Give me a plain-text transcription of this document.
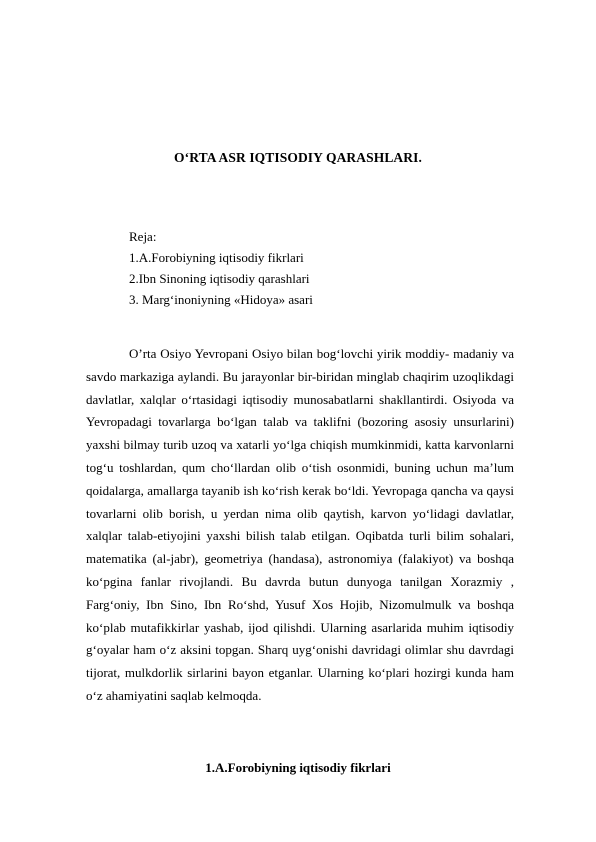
O‘RTA ASR IQTISODIY QARASHLARI.
Reja:
1.A.Forobiyning iqtisodiy fikrlari
2.Ibn Sinoning iqtisodiy qarashlari
3. Marg‘inoniyning «Hidoya» asari

O’rta Osiyo Yevropani Osiyo bilan bog‘lovchi yirik moddiy- madaniy va savdo markaziga aylandi. Bu jarayonlar bir-biridan minglab chaqirim uzoqlikdagi davlatlar, xalqlar o‘rtasidagi iqtisodiy munosabatlarni shakllantirdi. Osiyoda va Yevropadagi tovarlarga bo‘lgan talab va taklifni (bozoring asosiy unsurlarini) yaxshi bilmay turib uzoq va xatarli yo‘lga chiqish mumkinmidi, katta karvonlarni tog‘u toshlardan, qum cho‘llardan olib o‘tish osonmidi, buning uchun ma’lum qoidalarga, amallarga tayanib ish ko‘rish kerak bo‘ldi. Yevropaga qancha va qaysi tovarlarni olib borish, u yerdan nima olib qaytish, karvon yo‘lidagi davlatlar, xalqlar talab-etiyojini yaxshi bilish talab etilgan. Oqibatda turli bilim sohalari, matematika (al-jabr), geometriya (handasa), astronomiya (falakiyot) va boshqa ko‘pgina fanlar rivojlandi. Bu davrda butun dunyoga tanilgan Xorazmiy , Farg‘oniy, Ibn Sino, Ibn Ro‘shd, Yusuf Xos Hojib, Nizomulmulk va boshqa ko‘plab mutafikkirlar yashab, ijod qilishdi. Ularning asarlarida muhim iqtisodiy g‘oyalar ham o‘z aksini topgan. Sharq uyg‘onishi davridagi olimlar shu davrdagi tijorat, mulkdorlik sirlarini bayon etganlar. Ularning ko‘plari hozirgi kunda ham o‘z ahamiyatini saqlab kelmoqda.

1.A.Forobiyning iqtisodiy fikrlari
